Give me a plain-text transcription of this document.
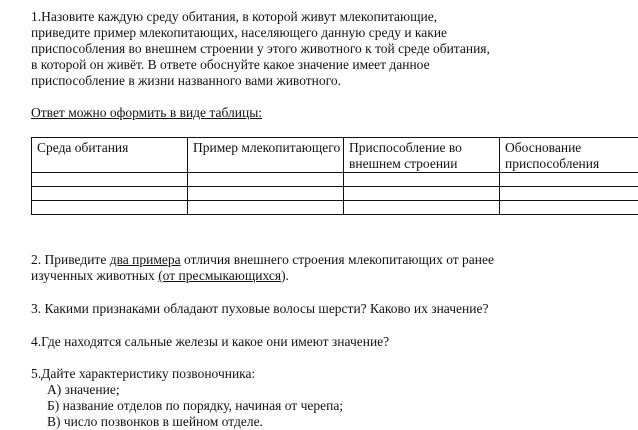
1.Назовите каждую среду обитания, в которой живут млекопитающие,
приведите пример млекопитающих, населяющего данную среду и какие
приспособления во внешнем строении у этого животного к той среде обитания,
в которой он живёт. В ответе обоснуйте какое значение имеет данное
приспособление в жизни названного вами животного.
Ответ можно оформить в виде таблицы:
Среда обитания	Пример млекопитающего	Приспособление во внешнем строении	Обоснование приспособления

2. Приведите два примера отличия внешнего строения млекопитающих от ранее
изученных животных (от пресмыкающихся).
3. Какими признаками обладают пуховые волосы шерсти? Каково их значение?
4.Где находятся сальные железы и какое они имеют значение?
5.Дайте характеристику позвоночника:
А) значение;
Б) название отделов по порядку, начиная от черепа;
В) число позвонков в шейном отделе.
